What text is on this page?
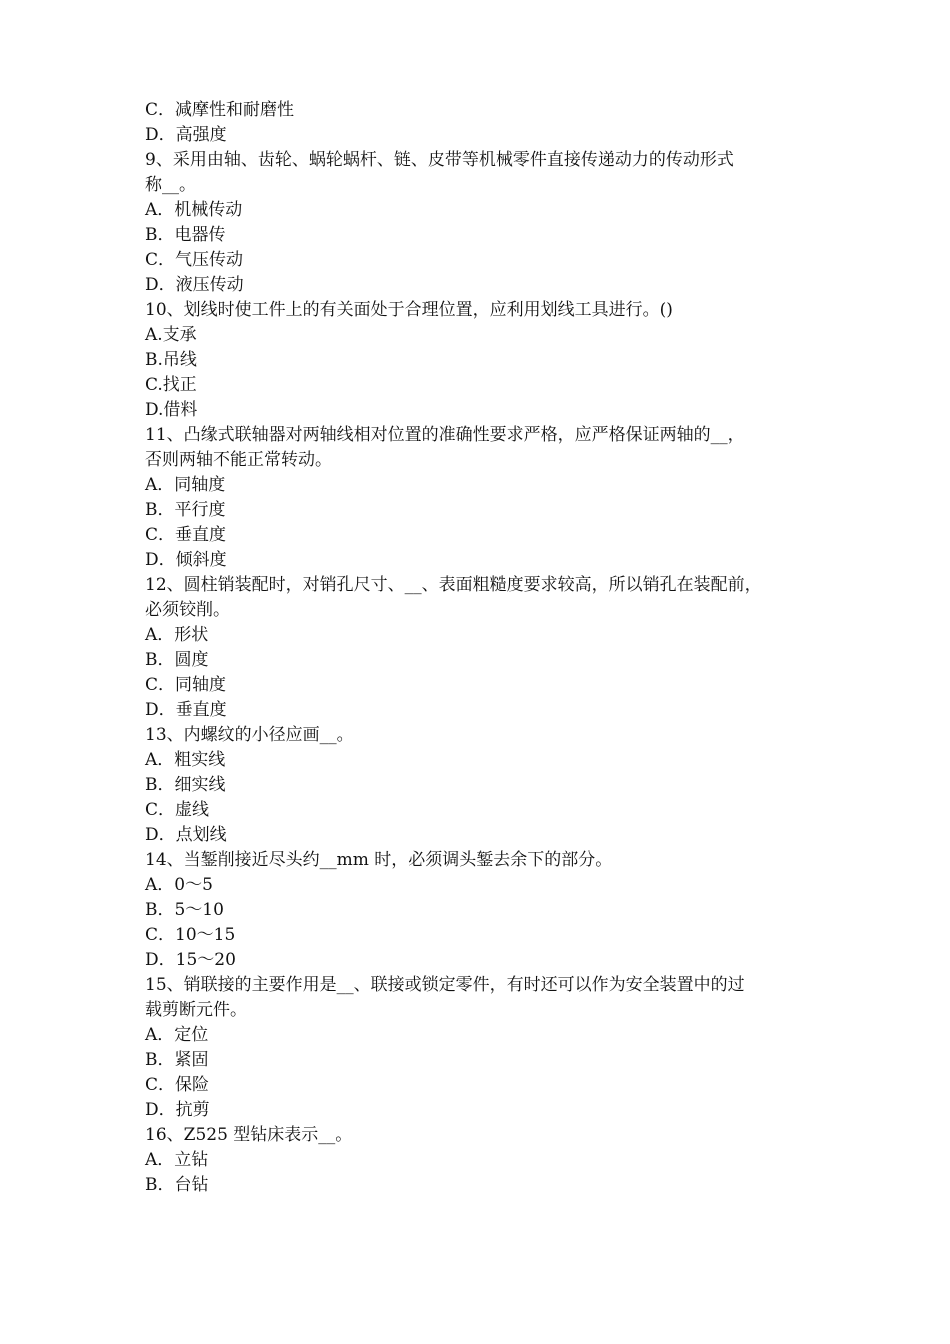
C．减摩性和耐磨性
D．高强度
9、采用由轴、齿轮、蜗轮蜗杆、链、皮带等机械零件直接传递动力的传动形式
称__。
A．机械传动
B．电器传
C．气压传动
D．液压传动
10、划线时使工件上的有关面处于合理位置，应利用划线工具进行。()
A.支承
B.吊线
C.找正
D.借料
11、凸缘式联轴器对两轴线相对位置的准确性要求严格，应严格保证两轴的__，
否则两轴不能正常转动。
A．同轴度
B．平行度
C．垂直度
D．倾斜度
12、圆柱销装配时，对销孔尺寸、__、表面粗糙度要求较高，所以销孔在装配前，
必须铰削。
A．形状
B．圆度
C．同轴度
D．垂直度
13、内螺纹的小径应画__。
A．粗实线
B．细实线
C．虚线
D．点划线
14、当錾削接近尽头约__mm 时，必须调头錾去余下的部分。
A．0～5
B．5～10
C．10～15
D．15～20
15、销联接的主要作用是__、联接或锁定零件，有时还可以作为安全装置中的过
载剪断元件。
A．定位
B．紧固
C．保险
D．抗剪
16、Z525 型钻床表示__。
A．立钻
B．台钻
